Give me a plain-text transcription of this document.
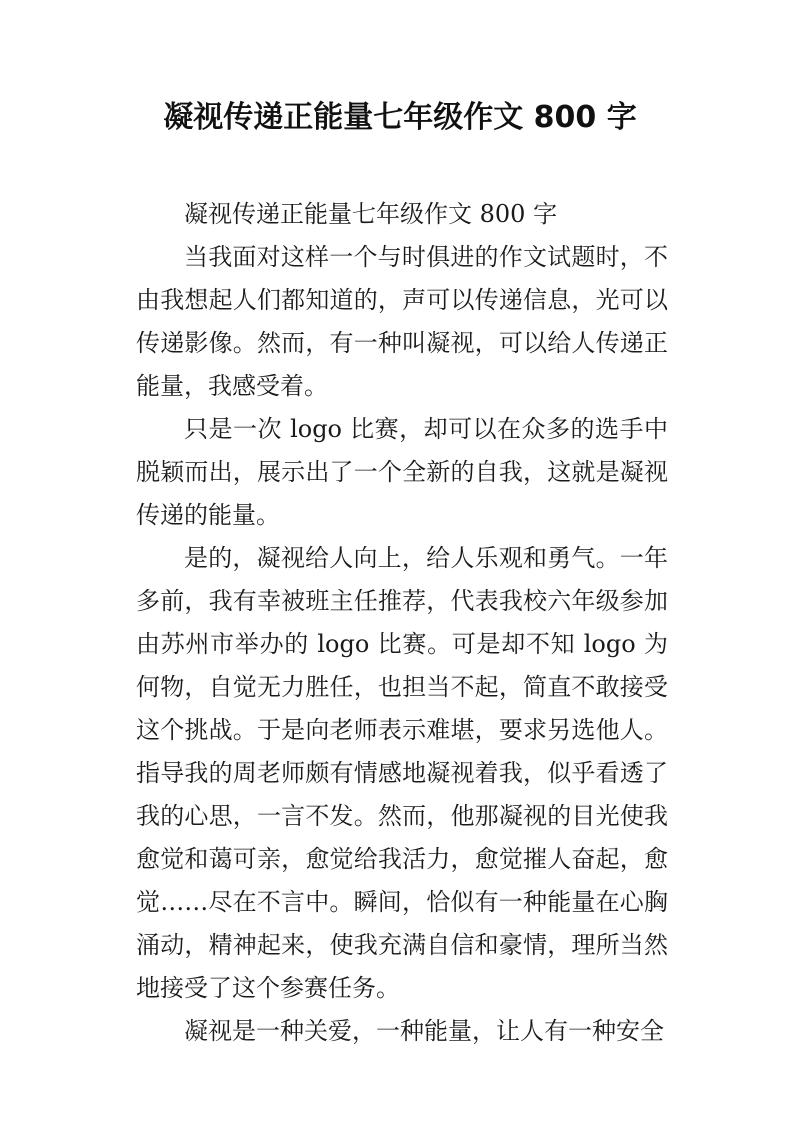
凝视传递正能量七年级作文 800 字

凝视传递正能量七年级作文 800 字

当我面对这样一个与时俱进的作文试题时，不由我想起人们都知道的，声可以传递信息，光可以传递影像。然而，有一种叫凝视，可以给人传递正能量，我感受着。

只是一次 logo 比赛，却可以在众多的选手中脱颖而出，展示出了一个全新的自我，这就是凝视传递的能量。

是的，凝视给人向上，给人乐观和勇气。一年多前，我有幸被班主任推荐，代表我校六年级参加由苏州市举办的 logo 比赛。可是却不知 logo 为何物，自觉无力胜任，也担当不起，简直不敢接受这个挑战。于是向老师表示难堪，要求另选他人。指导我的周老师颇有情感地凝视着我，似乎看透了我的心思，一言不发。然而，他那凝视的目光使我愈觉和蔼可亲，愈觉给我活力，愈觉摧人奋起，愈觉……尽在不言中。瞬间，恰似有一种能量在心胸涌动，精神起来，使我充满自信和豪情，理所当然地接受了这个参赛任务。

凝视是一种关爱，一种能量，让人有一种安全
